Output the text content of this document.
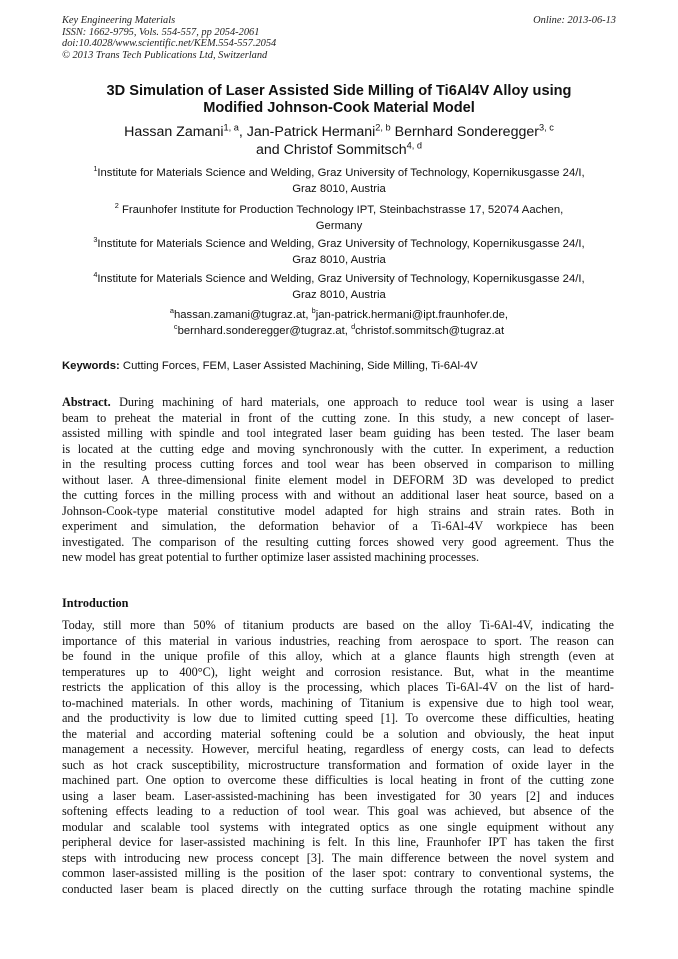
Key Engineering Materials
ISSN: 1662-9795, Vols. 554-557, pp 2054-2061
doi:10.4028/www.scientific.net/KEM.554-557.2054
© 2013 Trans Tech Publications Ltd, Switzerland
Online: 2013-06-13
3D Simulation of Laser Assisted Side Milling of Ti6Al4V Alloy using
Modified Johnson-Cook Material Model
Hassan Zamani$^{1, a}$, Jan-Patrick Hermani$^{2, b}$ Bernhard Sonderegger$^{3, c}$
and Christof Sommitsch$^{4, d}$
$^1$Institute for Materials Science and Welding, Graz University of Technology, Kopernikusgasse 24/I,
Graz 8010, Austria
$^2$ Fraunhofer Institute for Production Technology IPT, Steinbachstrasse 17, 52074 Aachen,
Germany
$^3$Institute for Materials Science and Welding, Graz University of Technology, Kopernikusgasse 24/I,
Graz 8010, Austria
$^4$Institute for Materials Science and Welding, Graz University of Technology, Kopernikusgasse 24/I,
Graz 8010, Austria
$^a$hassan.zamani@tugraz.at, $^b$jan-patrick.hermani@ipt.fraunhofer.de,
$^c$bernhard.sonderegger@tugraz.at, $^d$christof.sommitsch@tugraz.at
Keywords: Cutting Forces, FEM, Laser Assisted Machining, Side Milling, Ti-6Al-4V
Abstract. During machining of hard materials, one approach to reduce tool wear is using a laser
beam to preheat the material in front of the cutting zone. In this study, a new concept of laser-
assisted milling with spindle and tool integrated laser beam guiding has been tested. The laser beam
is located at the cutting edge and moving synchronously with the cutter. In experiment, a reduction
in the resulting process cutting forces and tool wear has been observed in comparison to milling
without laser. A three-dimensional finite element model in DEFORM 3D was developed to predict
the cutting forces in the milling process with and without an additional laser heat source, based on a
Johnson-Cook-type material constitutive model adapted for high strains and strain rates. Both in
experiment and simulation, the deformation behavior of a Ti-6Al-4V workpiece has been
investigated. The comparison of the resulting cutting forces showed very good agreement. Thus the
new model has great potential to further optimize laser assisted machining processes.
Introduction
Today, still more than 50% of titanium products are based on the alloy Ti-6Al-4V, indicating the
importance of this material in various industries, reaching from aerospace to sport. The reason can
be found in the unique profile of this alloy, which at a glance flaunts high strength (even at
temperatures up to 400°C), light weight and corrosion resistance. But, what in the meantime
restricts the application of this alloy is the processing, which places Ti-6Al-4V on the list of hard-
to-machined materials. In other words, machining of Titanium is expensive due to high tool wear,
and the productivity is low due to limited cutting speed [1]. To overcome these difficulties, heating
the material and according material softening could be a solution and obviously, the heat input
management a necessity. However, merciful heating, regardless of energy costs, can lead to defects
such as hot crack susceptibility, microstructure transformation and formation of oxide layer in the
machined part. One option to overcome these difficulties is local heating in front of the cutting zone
using a laser beam. Laser-assisted-machining has been investigated for 30 years [2] and induces
softening effects leading to a reduction of tool wear. This goal was achieved, but absence of the
modular and scalable tool systems with integrated optics as one single equipment without any
peripheral device for laser-assisted machining is felt. In this line, Fraunhofer IPT has taken the first
steps with introducing new process concept [3]. The main difference between the novel system and
common laser-assisted milling is the position of the laser spot: contrary to conventional systems, the
conducted laser beam is placed directly on the cutting surface through the rotating machine spindle
